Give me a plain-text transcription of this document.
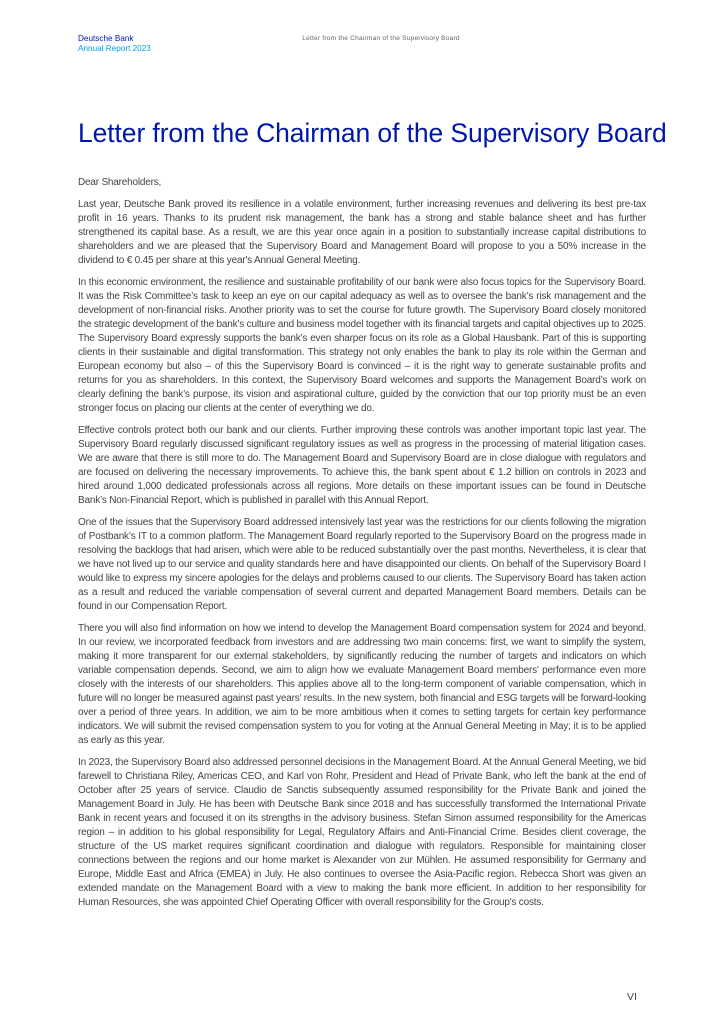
Deutsche Bank
Annual Report 2023
Letter from the Chairman of the Supervisory Board
Letter from the Chairman of the Supervisory Board

Dear Shareholders,

Last year, Deutsche Bank proved its resilience in a volatile environment, further increasing revenues and delivering its best pre-tax profit in 16 years. Thanks to its prudent risk management, the bank has a strong and stable balance sheet and has further strengthened its capital base. As a result, we are this year once again in a position to substantially increase capital distributions to shareholders and we are pleased that the Supervisory Board and Management Board will propose to you a 50% increase in the dividend to € 0.45 per share at this year's Annual General Meeting.

In this economic environment, the resilience and sustainable profitability of our bank were also focus topics for the Supervisory Board. It was the Risk Committee’s task to keep an eye on our capital adequacy as well as to oversee the bank’s risk management and the development of non-financial risks. Another priority was to set the course for future growth. The Supervisory Board closely monitored the strategic development of the bank’s culture and business model together with its financial targets and capital objectives up to 2025. The Supervisory Board expressly supports the bank’s even sharper focus on its role as a Global Hausbank. Part of this is supporting clients in their sustainable and digital transformation. This strategy not only enables the bank to play its role within the German and European economy but also – of this the Supervisory Board is convinced – it is the right way to generate sustainable profits and returns for you as shareholders. In this context, the Supervisory Board welcomes and supports the Management Board’s work on clearly defining the bank’s purpose, its vision and aspirational culture, guided by the conviction that our top priority must be an even stronger focus on placing our clients at the center of everything we do.

Effective controls protect both our bank and our clients. Further improving these controls was another important topic last year. The Supervisory Board regularly discussed significant regulatory issues as well as progress in the processing of material litigation cases. We are aware that there is still more to do. The Management Board and Supervisory Board are in close dialogue with regulators and are focused on delivering the necessary improvements. To achieve this, the bank spent about € 1.2 billion on controls in 2023 and hired around 1,000 dedicated professionals across all regions. More details on these important issues can be found in Deutsche Bank’s Non-Financial Report, which is published in parallel with this Annual Report.

One of the issues that the Supervisory Board addressed intensively last year was the restrictions for our clients following the migration of Postbank’s IT to a common platform. The Management Board regularly reported to the Supervisory Board on the progress made in resolving the backlogs that had arisen, which were able to be reduced substantially over the past months. Nevertheless, it is clear that we have not lived up to our service and quality standards here and have disappointed our clients. On behalf of the Supervisory Board I would like to express my sincere apologies for the delays and problems caused to our clients. The Supervisory Board has taken action as a result and reduced the variable compensation of several current and departed Management Board members. Details can be found in our Compensation Report.

There you will also find information on how we intend to develop the Management Board compensation system for 2024 and beyond. In our review, we incorporated feedback from investors and are addressing two main concerns: first, we want to simplify the system, making it more transparent for our external stakeholders, by significantly reducing the number of targets and indicators on which variable compensation depends. Second, we aim to align how we evaluate Management Board members’ performance even more closely with the interests of our shareholders. This applies above all to the long-term component of variable compensation, which in future will no longer be measured against past years’ results. In the new system, both financial and ESG targets will be forward-looking over a period of three years. In addition, we aim to be more ambitious when it comes to setting targets for certain key performance indicators. We will submit the revised compensation system to you for voting at the Annual General Meeting in May; it is to be applied as early as this year.

In 2023, the Supervisory Board also addressed personnel decisions in the Management Board. At the Annual General Meeting, we bid farewell to Christiana Riley, Americas CEO, and Karl von Rohr, President and Head of Private Bank, who left the bank at the end of October after 25 years of service. Claudio de Sanctis subsequently assumed responsibility for the Private Bank and joined the Management Board in July. He has been with Deutsche Bank since 2018 and has successfully transformed the International Private Bank in recent years and focused it on its strengths in the advisory business. Stefan Simon assumed responsibility for the Americas region – in addition to his global responsibility for Legal, Regulatory Affairs and Anti-Financial Crime. Besides client coverage, the structure of the US market requires significant coordination and dialogue with regulators. Responsible for maintaining closer connections between the regions and our home market is Alexander von zur Mühlen. He assumed responsibility for Germany and Europe, Middle East and Africa (EMEA) in July. He also continues to oversee the Asia-Pacific region. Rebecca Short was given an extended mandate on the Management Board with a view to making the bank more efficient. In addition to her responsibility for Human Resources, she was appointed Chief Operating Officer with overall responsibility for the Group's costs.

VI
